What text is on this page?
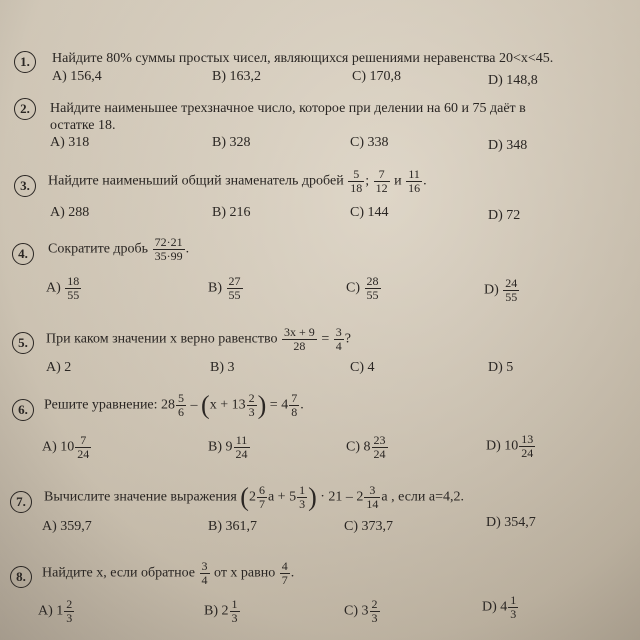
1.	Найдите 80% суммы простых чисел, являющихся решениями неравенства 20<x<45.
А) 156,4	В) 163,2	С) 170,8	D) 148,8
2.	Найдите наименьшее трехзначное число, которое при делении на 60 и 75 даёт в
остатке 18.
А) 318	В) 328	С) 338	D) 348
3.	Найдите наименьший общий знаменатель дробей $\frac{5}{18}$ ; $\frac{7}{12}$ и $\frac{11}{16}$ .
А) 288	В) 216	С) 144	D) 72
4.	Сократите дробь $\frac{72\cdot 21}{35\cdot 99}$ .
$А) \frac{18}{55}$	$В) \frac{27}{55}$	$С) \frac{28}{55}$	$D) \frac{24}{55}$
5.	При каком значении x верно равенство $\frac{3x + 9}{28} = \frac{3}{4}$ ?
А) 2	В) 3	С) 4	D) 5
6.	Решите уравнение: $28 \frac{5}{6} - (x + 13 \frac{2}{3}$ ) = $4 \frac{7}{8}$ .
А) $10 \frac{7}{24}$	В) $9 \frac{11}{24}$	С) $8 \frac{23}{24}$	D) $10 \frac{13}{24}$
7.	Вычислите значение выражения ($2 \frac{6}{7}$ $a + 5 \frac{1}{3}$ ) · $21 - 2 \frac{3}{14}$ a , если a=4,2.
А) 359,7	В) 361,7	С) 373,7	D) 354,7
8.	Найдите x, если обратное $\frac{3}{4}$ от x равно $\frac{4}{7}$ .
А) $1 \frac{2}{3}$	В) $2 \frac{1}{3}$	С) $3 \frac{2}{3}$	D) $4 \frac{1}{3}$
